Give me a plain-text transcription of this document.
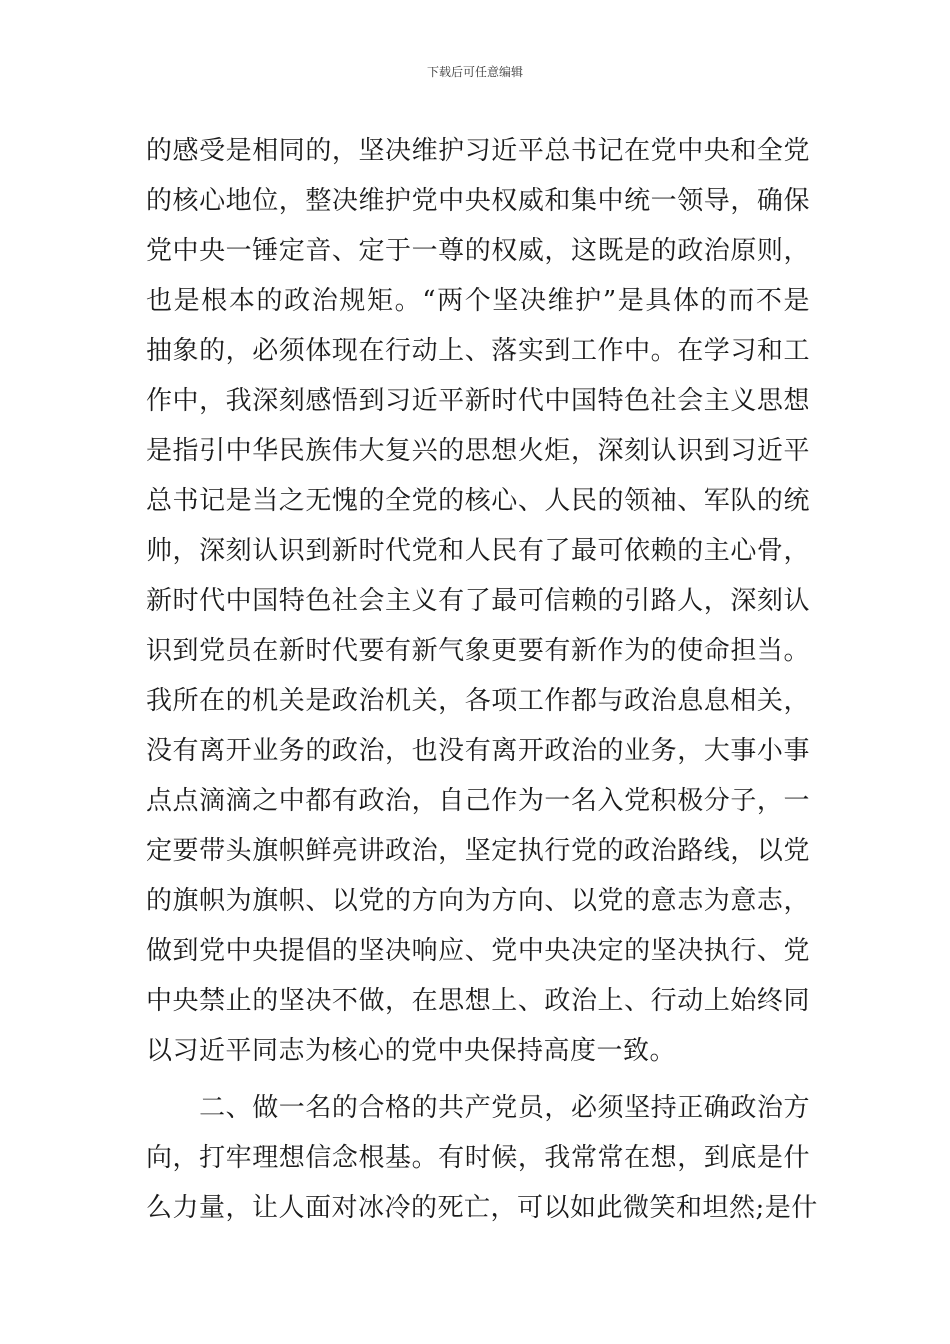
下载后可任意编辑
的感受是相同的，坚决维护习近平总书记在党中央和全党
的核心地位，整决维护党中央权威和集中统一领导，确保
党中央一锤定音、定于一尊的权威，这既是的政治原则，
也是根本的政治规矩。“两个坚决维护”是具体的而不是
抽象的，必须体现在行动上、落实到工作中。在学习和工
作中，我深刻感悟到习近平新时代中国特色社会主义思想
是指引中华民族伟大复兴的思想火炬，深刻认识到习近平
总书记是当之无愧的全党的核心、人民的领袖、军队的统
帅，深刻认识到新时代党和人民有了最可依赖的主心骨，
新时代中国特色社会主义有了最可信赖的引路人，深刻认
识到党员在新时代要有新气象更要有新作为的使命担当。
我所在的机关是政治机关，各项工作都与政治息息相关，
没有离开业务的政治，也没有离开政治的业务，大事小事
点点滴滴之中都有政治，自己作为一名入党积极分子，一
定要带头旗帜鲜亮讲政治，坚定执行党的政治路线，以党
的旗帜为旗帜、以党的方向为方向、以党的意志为意志，
做到党中央提倡的坚决响应、党中央决定的坚决执行、党
中央禁止的坚决不做，在思想上、政治上、行动上始终同
以习近平同志为核心的党中央保持高度一致。
　　二、做一名的合格的共产党员，必须坚持正确政治方
向，打牢理想信念根基。有时候，我常常在想，到底是什
么力量，让人面对冰冷的死亡，可以如此微笑和坦然;是什
